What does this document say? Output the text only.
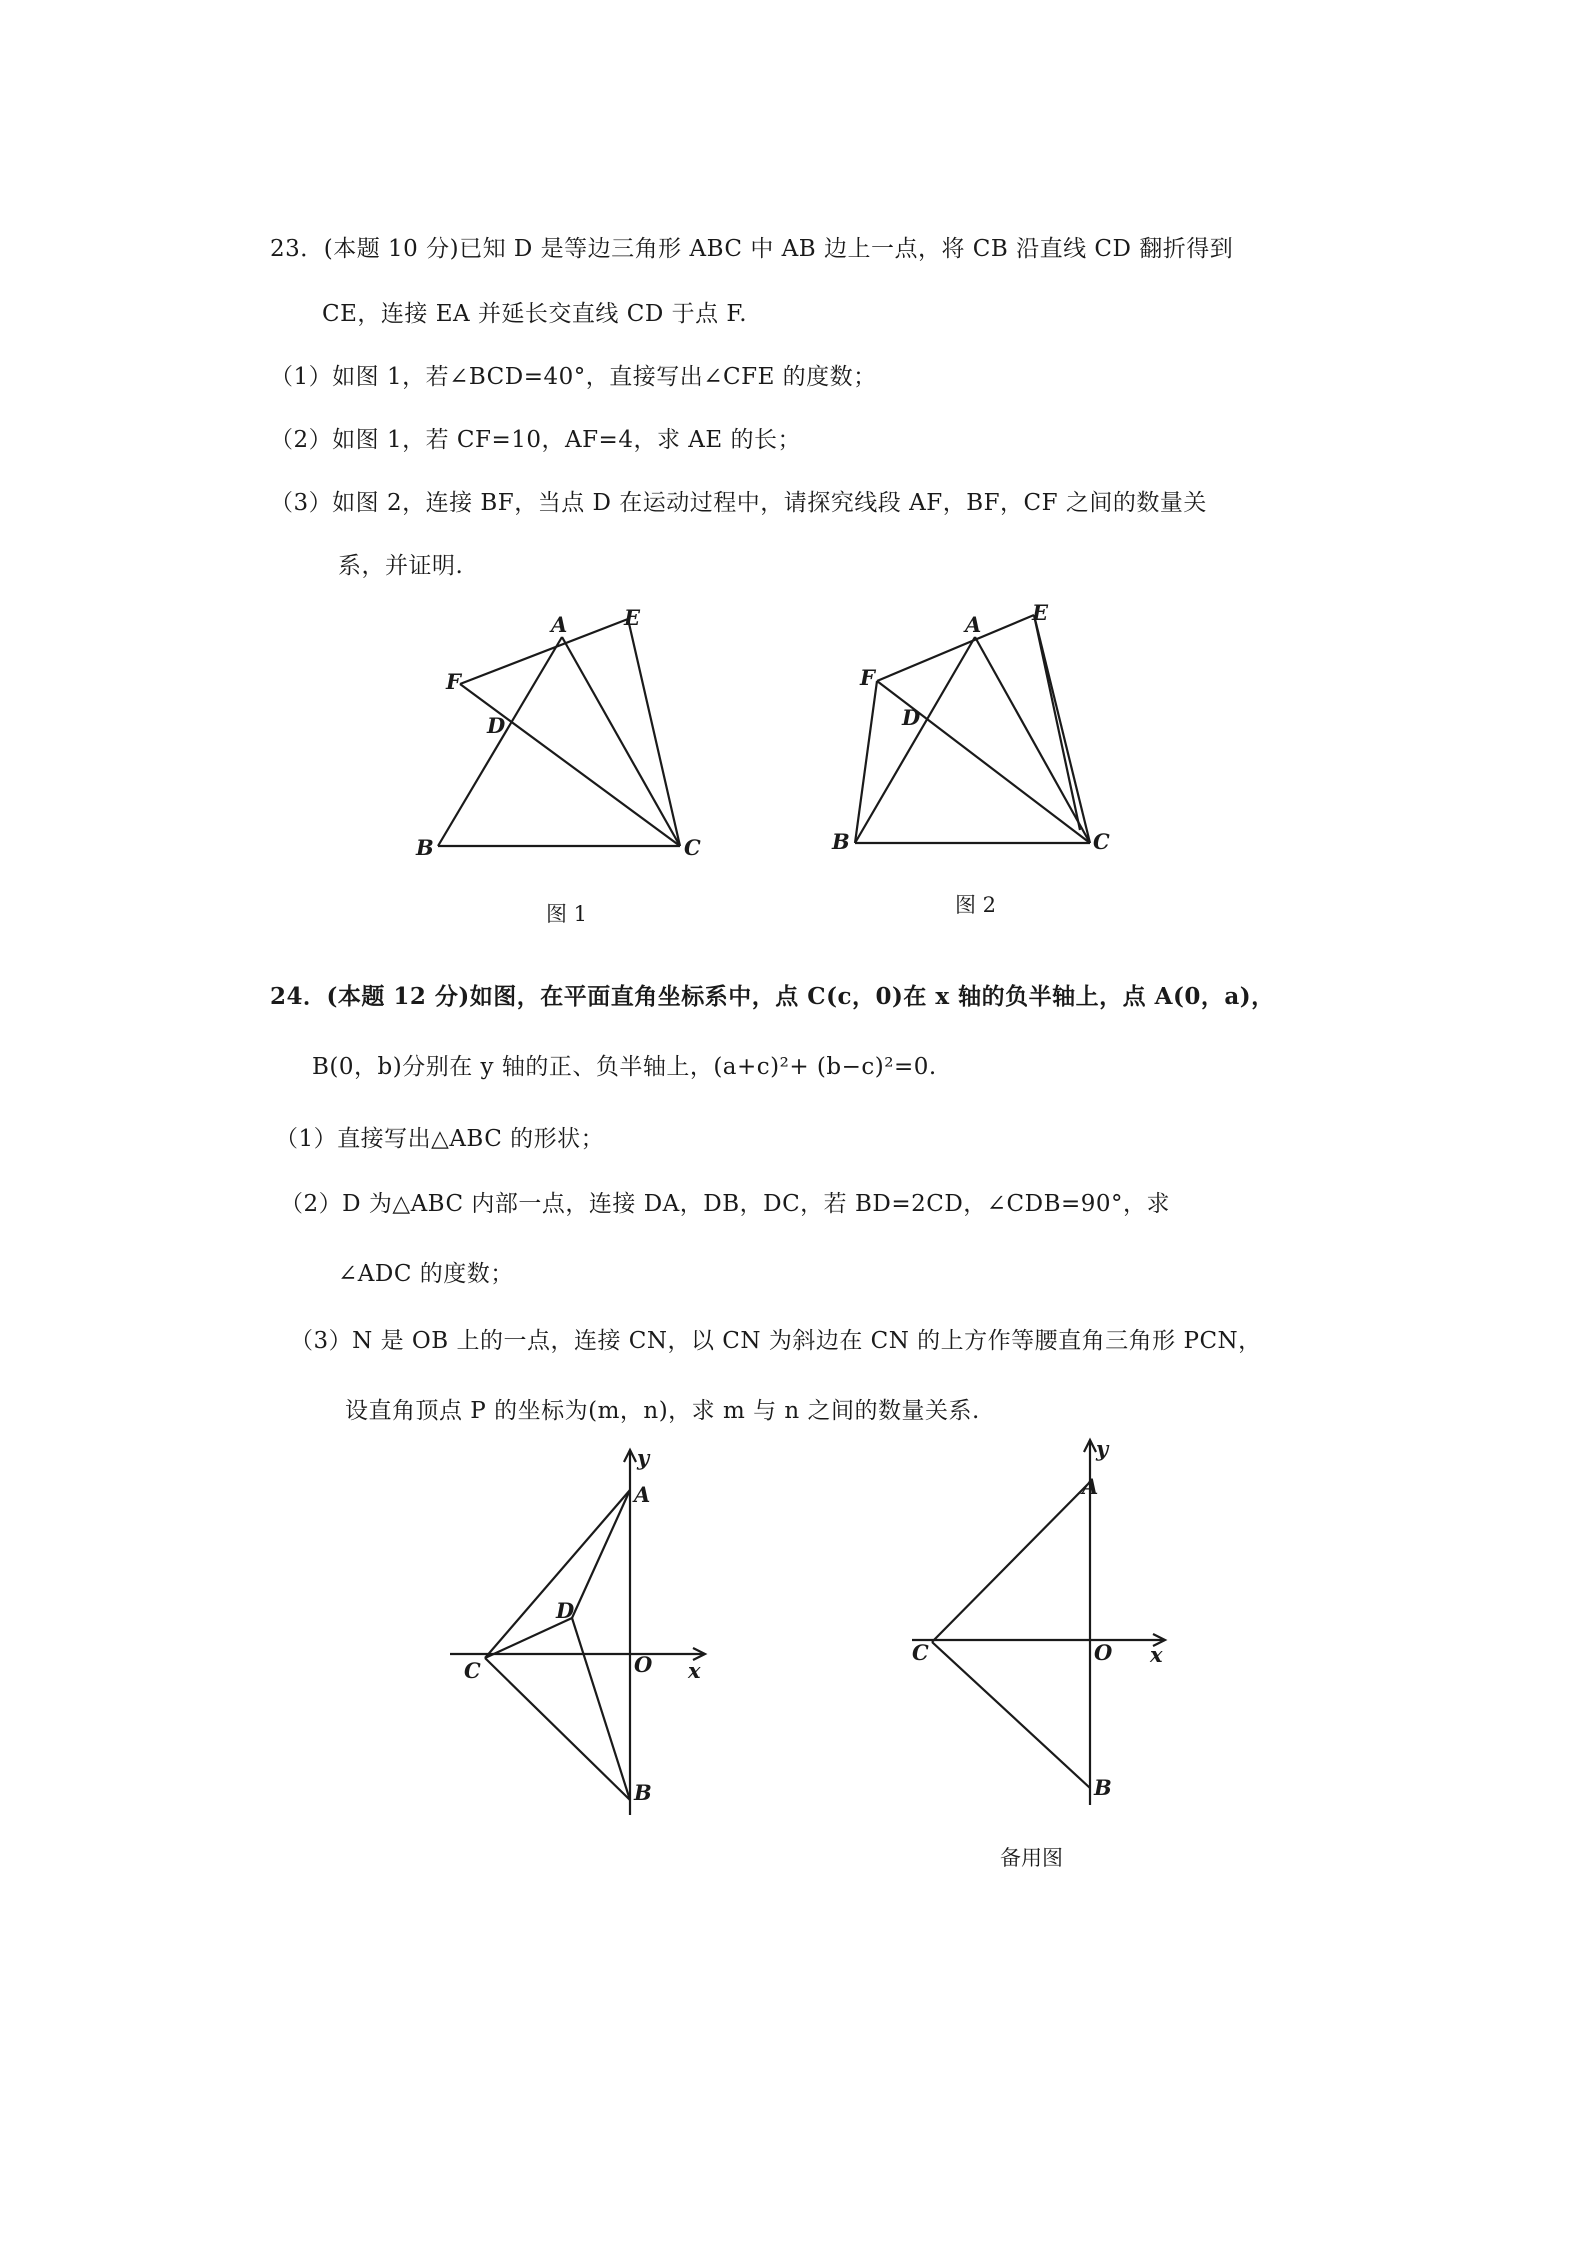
23．(本题 10 分)已知 D 是等边三角形 ABC 中 AB 边上一点，将 CB 沿直线 CD 翻折得到
CE，连接 EA 并延长交直线 CD 于点 F.
（1）如图 1，若∠BCD=40°，直接写出∠CFE 的度数；
（2）如图 1，若 CF=10，AF=4，求 AE 的长；
（3）如图 2，连接 BF，当点 D 在运动过程中，请探究线段 AF，BF，CF 之间的数量关
系，并证明.
A	E
F
D
B	C
图 1
A E
F
D
B	C
图 2
24．(本题 12 分)如图，在平面直角坐标系中，点 C(c，0)在 x 轴的负半轴上，点 A(0，a)，
B(0，b)分别在 y 轴的正、负半轴上，(a+c)²+ (b−c)²=0.
（1）直接写出△ABC 的形状；
（2）D 为△ABC 内部一点，连接 DA，DB，DC，若 BD=2CD，∠CDB=90°，求
∠ADC 的度数；
（3）N 是 OB 上的一点，连接 CN，以 CN 为斜边在 CN 的上方作等腰直角三角形 PCN，
设直角顶点 P 的坐标为(m，n)，求 m 与 n 之间的数量关系.
y
A
D
C	O x
B
y
A
C	O x
B
备用图
